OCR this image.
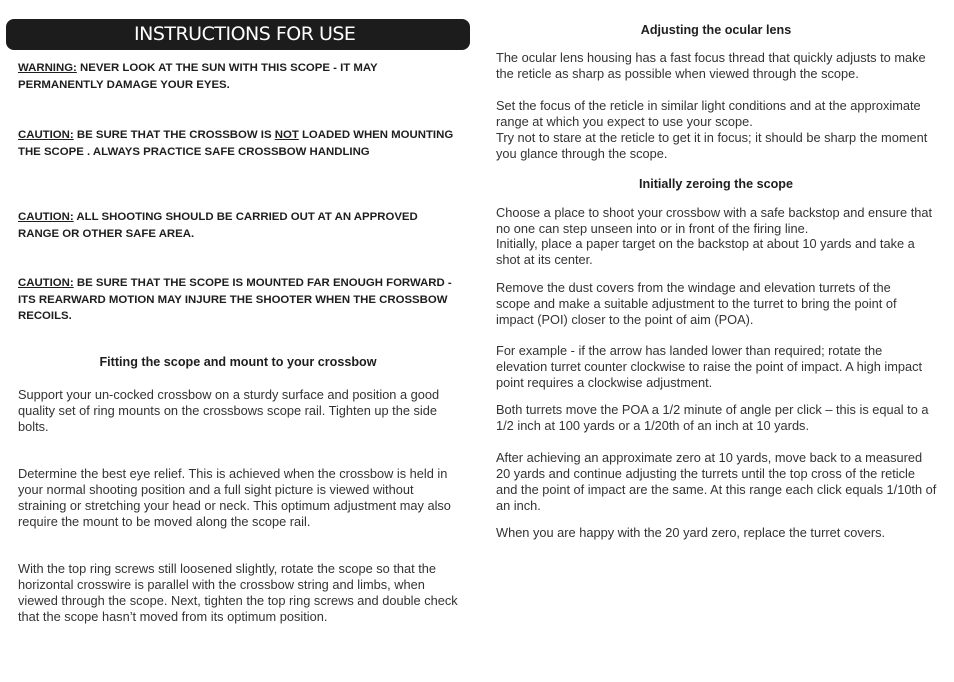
INSTRUCTIONS FOR USE
WARNING: NEVER LOOK AT THE SUN WITH THIS SCOPE - IT MAY PERMANENTLY DAMAGE YOUR EYES.
CAUTION: BE SURE THAT THE CROSSBOW IS NOT LOADED WHEN MOUNTING THE SCOPE . ALWAYS PRACTICE SAFE CROSSBOW HANDLING
CAUTION: ALL SHOOTING SHOULD BE CARRIED OUT AT AN APPROVED RANGE OR OTHER SAFE AREA.
CAUTION: BE SURE THAT THE SCOPE IS MOUNTED FAR ENOUGH FORWARD - ITS REARWARD MOTION MAY INJURE THE SHOOTER WHEN THE CROSSBOW RECOILS.
Fitting the scope and mount to your crossbow
Support your un-cocked crossbow on a sturdy surface and position a good quality set of ring mounts on the crossbows scope rail. Tighten up the side bolts.
Determine the best eye relief. This is achieved when the crossbow is held in your normal shooting position and a full sight picture is viewed without straining or stretching your head or neck. This optimum adjustment may also require the mount to be moved along the scope rail.
With the top ring screws still loosened slightly, rotate the scope so that the horizontal crosswire is parallel with the crossbow string and limbs, when viewed through the scope. Next, tighten the top ring screws and double check that the scope hasn’t moved from its optimum position.
Adjusting the ocular lens
The ocular lens housing has a fast focus thread that quickly adjusts to make the reticle as sharp as possible when viewed through the scope.
Set the focus of the reticle in similar light conditions and at the approximate range at which you expect to use your scope.
Try not to stare at the reticle to get it in focus; it should be sharp the moment you glance through the scope.
Initially zeroing the scope
Choose a place to shoot your crossbow with a safe backstop and ensure that no one can step unseen into or in front of the firing line.
Initially, place a paper target on the backstop at about 10 yards and take a shot at its center.
Remove the dust covers from the windage and elevation turrets of the scope and make a suitable adjustment to the turret to bring the point of impact (POI) closer to the point of aim (POA).
For example - if the arrow has landed lower than required; rotate the elevation turret counter clockwise to raise the point of impact. A high impact point requires a clockwise adjustment.
Both turrets move the POA a 1/2 minute of angle per click – this is equal to a 1/2 inch at 100 yards or a 1/20th of an inch at 10 yards.
After achieving an approximate zero at 10 yards, move back to a measured 20 yards and continue adjusting the turrets until the top cross of the reticle and the point of impact are the same. At this range each click equals 1/10th of an inch.
When you are happy with the 20 yard zero, replace the turret covers.
